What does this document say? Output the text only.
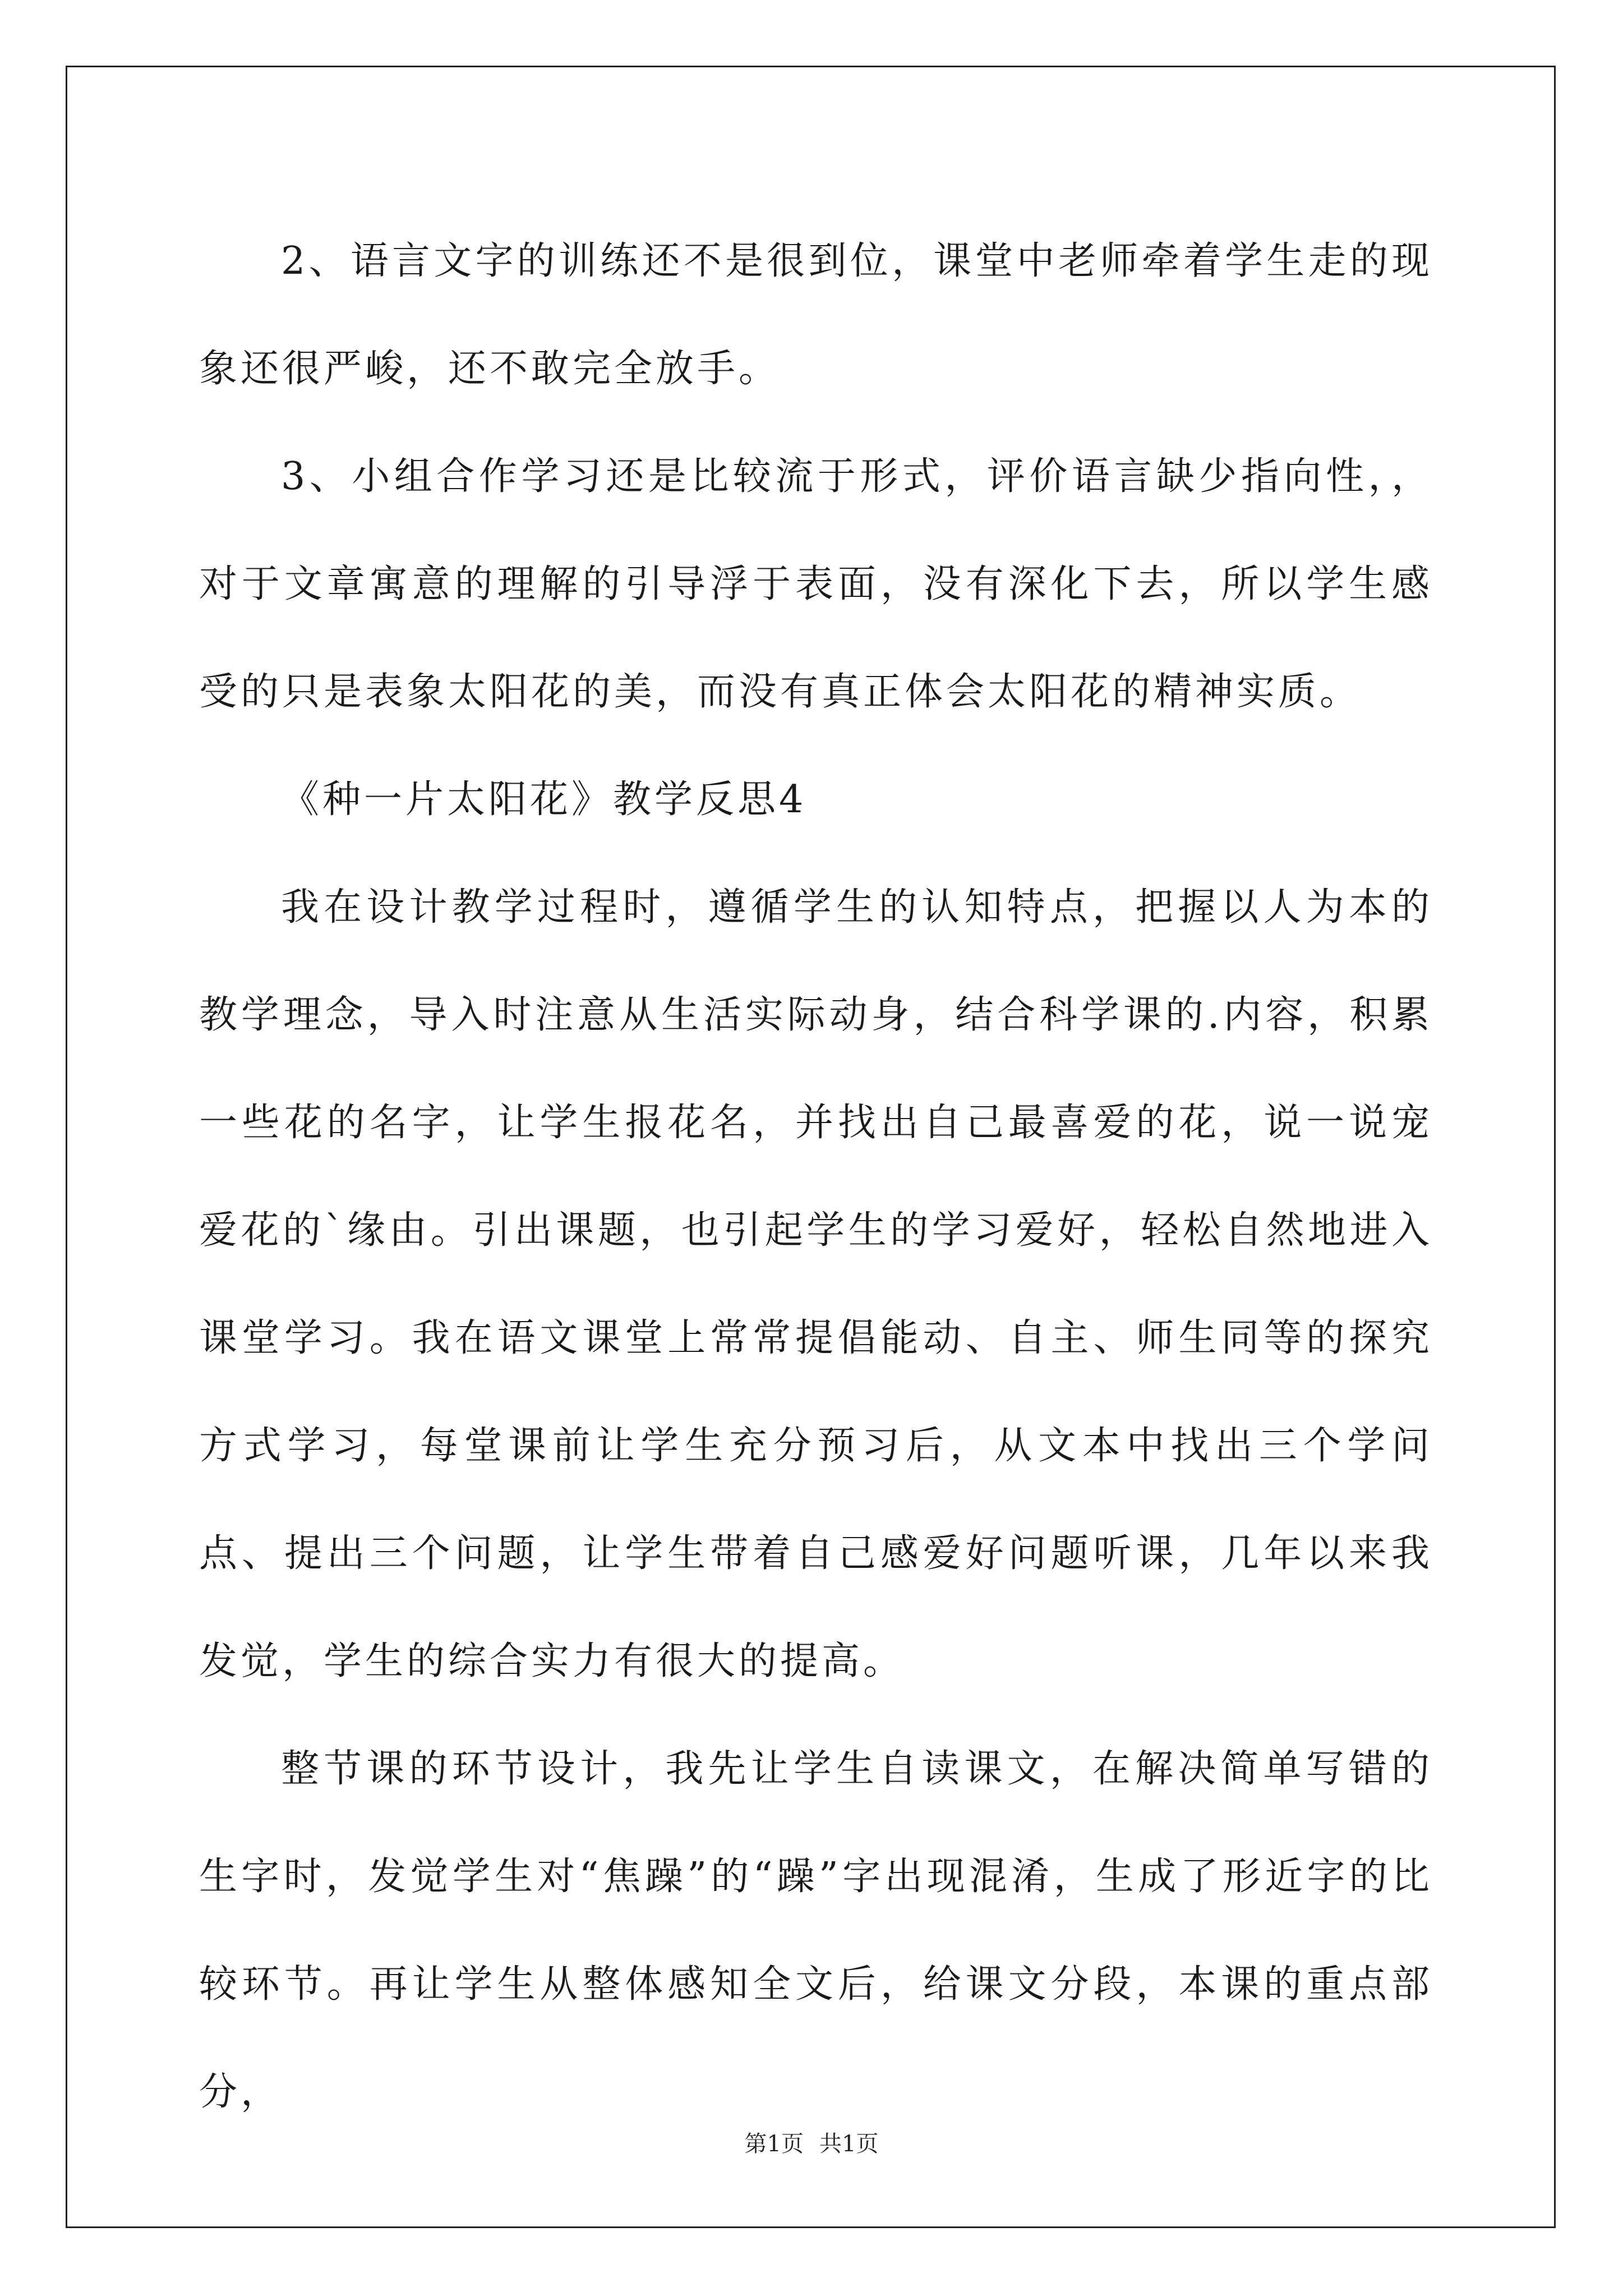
2、语言文字的训练还不是很到位，课堂中老师牵着学生走的现象还很严峻，还不敢完全放手。

3、小组合作学习还是比较流于形式，评价语言缺少指向性，，对于文章寓意的理解的引导浮于表面，没有深化下去，所以学生感受的只是表象太阳花的美，而没有真正体会太阳花的精神实质。

《种一片太阳花》教学反思4

我在设计教学过程时，遵循学生的认知特点，把握以人为本的教学理念，导入时注意从生活实际动身，结合科学课的.内容，积累一些花的名字，让学生报花名，并找出自己最喜爱的花，说一说宠爱花的`缘由。引出课题，也引起学生的学习爱好，轻松自然地进入课堂学习。我在语文课堂上常常提倡能动、自主、师生同等的探究方式学习，每堂课前让学生充分预习后，从文本中找出三个学问点、提出三个问题，让学生带着自己感爱好问题听课，几年以来我发觉，学生的综合实力有很大的提高。

整节课的环节设计，我先让学生自读课文，在解决简单写错的生字时，发觉学生对“焦躁”的“躁”字出现混淆，生成了形近字的比较环节。再让学生从整体感知全文后，给课文分段，本课的重点部分，

第1页 共1页
